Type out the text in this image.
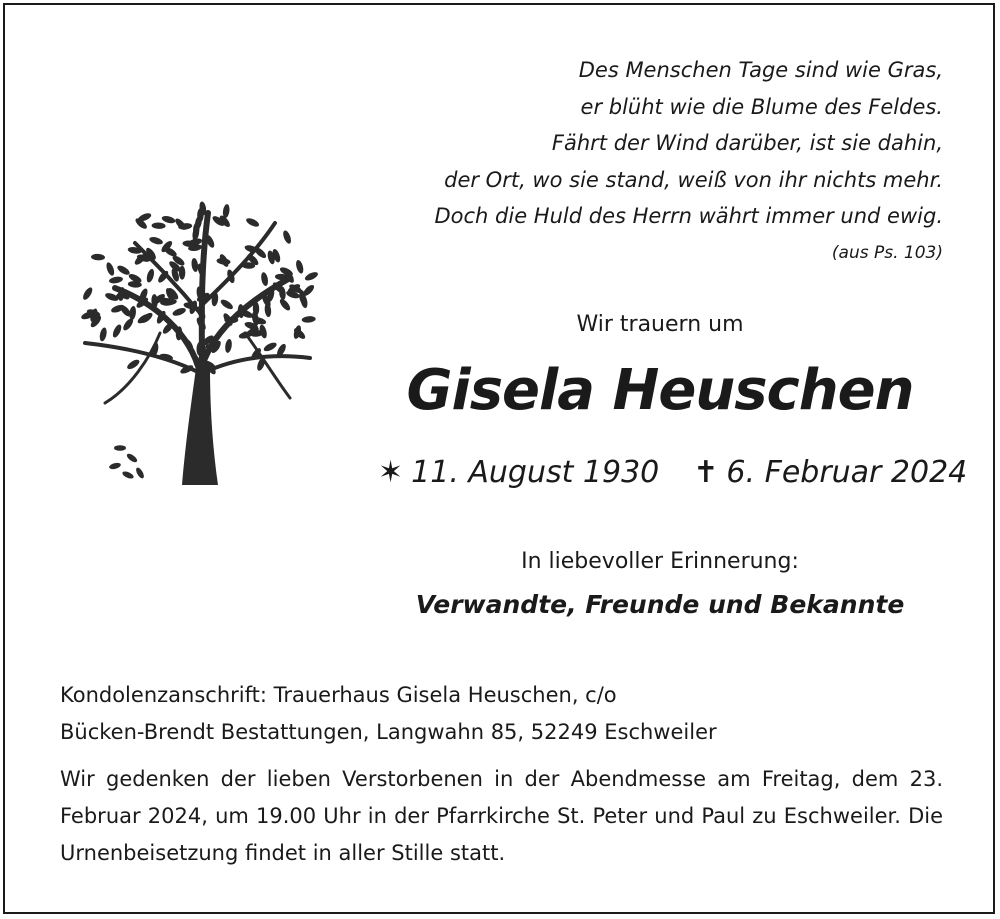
Des Menschen Tage sind wie Gras,
er blüht wie die Blume des Feldes.
Fährt der Wind darüber, ist sie dahin,
der Ort, wo sie stand, weiß von ihr nichts mehr.
Doch die Huld des Herrn währt immer und ewig.
(aus Ps. 103)
Wir trauern um
Gisela Heuschen
✶ 11. August 1930 ✝ 6. Februar 2024
In liebevoller Erinnerung:
Verwandte, Freunde und Bekannte
Kondolenzanschrift: Trauerhaus Gisela Heuschen, c/o
Bücken-Brendt Bestattungen, Langwahn 85, 52249 Eschweiler
Wir gedenken der lieben Verstorbenen in der Abendmesse am Freitag, dem 23. Februar 2024, um 19.00 Uhr in der Pfarrkirche St. Peter und Paul zu Eschweiler. Die Urnenbeisetzung findet in aller Stille statt.
